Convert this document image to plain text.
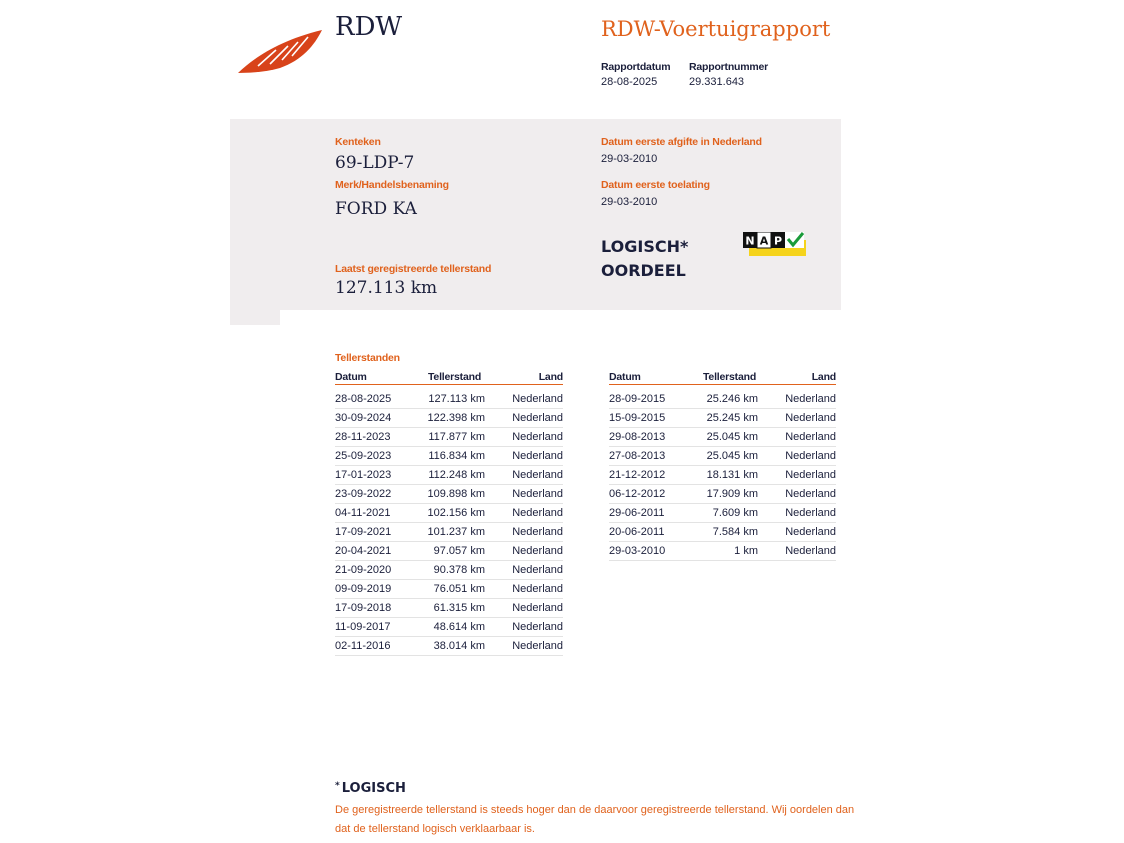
RDW	RDW-Voertuigrapport
Rapportdatum
28-08-2025
Rapportnummer
29.331.643
Kenteken
69-LDP-7
Merk/Handelsbenaming
FORD KA
Laatst geregistreerde tellerstand
127.113 km
Datum eerste afgifte in Nederland
29-03-2010
Datum eerste toelating
29-03-2010
LOGISCH*
OORDEEL
N A P
Tellerstanden
Datum	Tellerstand	Land
28-08-2025	127.113 km	Nederland
30-09-2024	122.398 km	Nederland
28-11-2023	117.877 km	Nederland
25-09-2023	116.834 km	Nederland
17-01-2023	112.248 km	Nederland
23-09-2022	109.898 km	Nederland
04-11-2021	102.156 km	Nederland
17-09-2021	101.237 km	Nederland
20-04-2021	97.057 km	Nederland
21-09-2020	90.378 km	Nederland
09-09-2019	76.051 km	Nederland
17-09-2018	61.315 km	Nederland
11-09-2017	48.614 km	Nederland
02-11-2016	38.014 km	Nederland
Datum	Tellerstand	Land
28-09-2015	25.246 km	Nederland
15-09-2015	25.245 km	Nederland
29-08-2013	25.045 km	Nederland
27-08-2013	25.045 km	Nederland
21-12-2012	18.131 km	Nederland
06-12-2012	17.909 km	Nederland
29-06-2011	7.609 km	Nederland
20-06-2011	7.584 km	Nederland
29-03-2010	1 km	Nederland
* LOGISCH
De geregistreerde tellerstand is steeds hoger dan de daarvoor geregistreerde tellerstand. Wij oordelen dan dat de tellerstand logisch verklaarbaar is.
